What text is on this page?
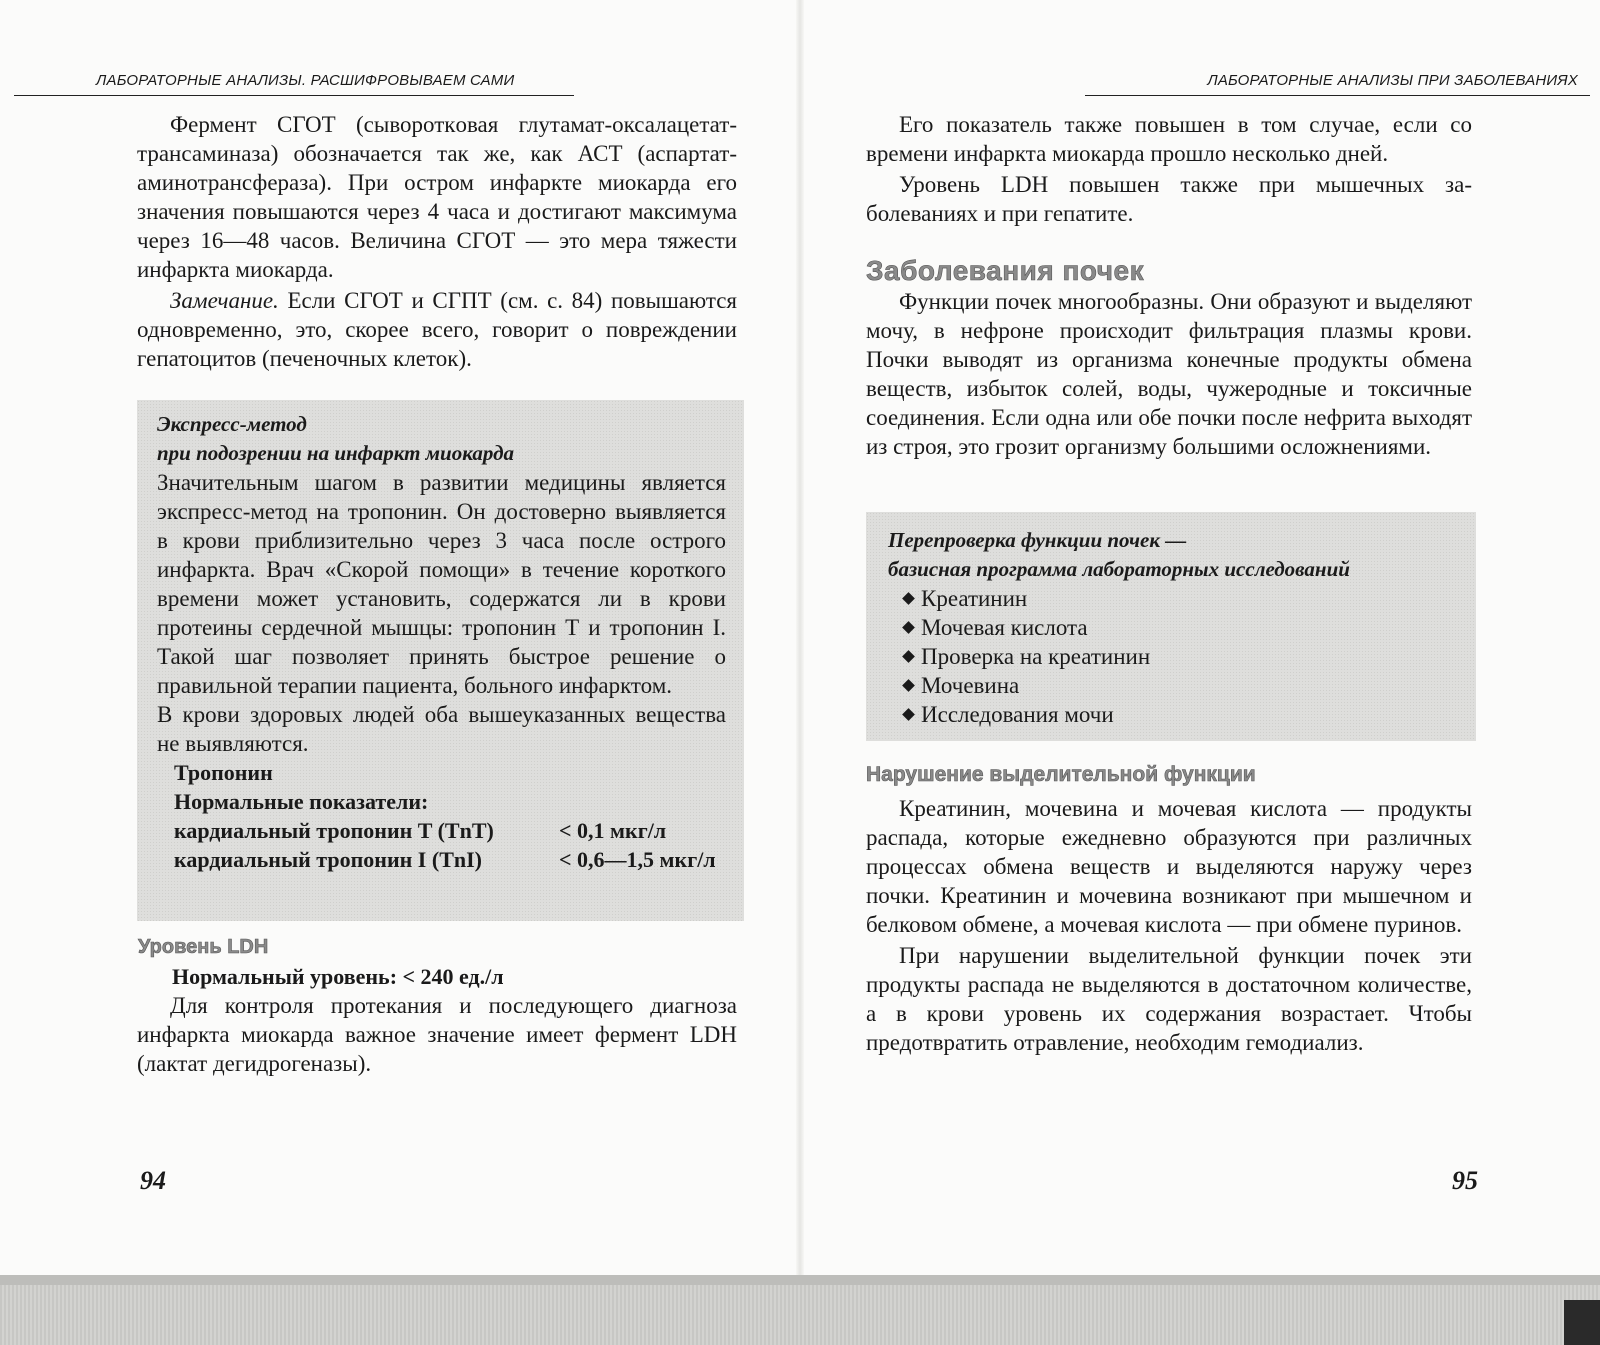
ЛАБОРАТОРНЫЕ АНАЛИЗЫ. РАСШИФРОВЫВАЕМ САМИ

Фермент СГОТ (сывороткoвая глутамат-оксалацетат-трансаминаза) обозначается так же, как АСТ (аспартат-аминотрансфераза). При остром инфаркте миокарда его значения повышаются через 4 часа и достигают максимума через 16—48 часов. Величина СГОТ — это мера тяжести инфаркта миокарда.

Замечание. Если СГОТ и СГПТ (см. с. 84) повышаются одновременно, это, скорее всего, говорит о повреждении гепатоцитов (печеночных клеток).

Экспресс-метод
при подозрении на инфаркт миокарда
Значительным шагом в развитии медицины является экспресс-метод на тропонин. Он достоверно выявляется в крови приблизительно через 3 часа после острого инфаркта. Врач «Скорой помощи» в течение короткого времени может установить, содержатся ли в крови протеины сердечной мышцы: тропонин Т и тропонин I. Такой шаг позволяет принять быстрое решение о правильной терапии пациента, больного инфарктом.
В крови здоровых людей оба вышеуказанных вещества не выявляются.
Тропонин
Нормальные показатели:
кардиальный тропонин T (TnT)	< 0,1 мкг/л
кардиальный тропонин I (TnI)	< 0,6—1,5 мкг/л
Уровень LDH
Нормальный уровень: < 240 ед./л

Для контроля протекания и последующего диагноза инфаркта миокарда важное значение имеет фермент LDH (лактат дегидрогеназы).

94
ЛАБОРАТОРНЫЕ АНАЛИЗЫ ПРИ ЗАБОЛЕВАНИЯХ

Его показатель также повышен в том случае, если со времени инфаркта миокарда прошло несколько дней.

Уровень LDH повышен также при мышечных заболеваниях и при гепатите.

Заболевания почек

Функции почек многообразны. Они образуют и выделяют мочу, в нефроне происходит фильтрация плазмы крови. Почки выводят из организма конечные продукты обмена веществ, избыток солей, воды, чужеродные и токсичные соединения. Если одна или обе почки после нефрита выходят из строя, это грозит организму большими осложнениями.

Перепроверка функции почек —
базисная программа лабораторных исследований
Креатинин
Мочевая кислота
Проверка на креатинин
Мочевина
Исследования мочи
Нарушение выделительной функции

Креатинин, мочевина и мочевая кислота — продукты распада, которые ежедневно образуются при различных процессах обмена веществ и выделяются наружу через почки. Креатинин и мочевина возникают при мышечном и белковом обмене, а мочевая кислота — при обмене пуринов.

При нарушении выделительной функции почек эти продукты распада не выделяются в достаточном количестве, а в крови уровень их содержания возрастает. Чтобы предотвратить отравление, необходим гемодиализ.

95
